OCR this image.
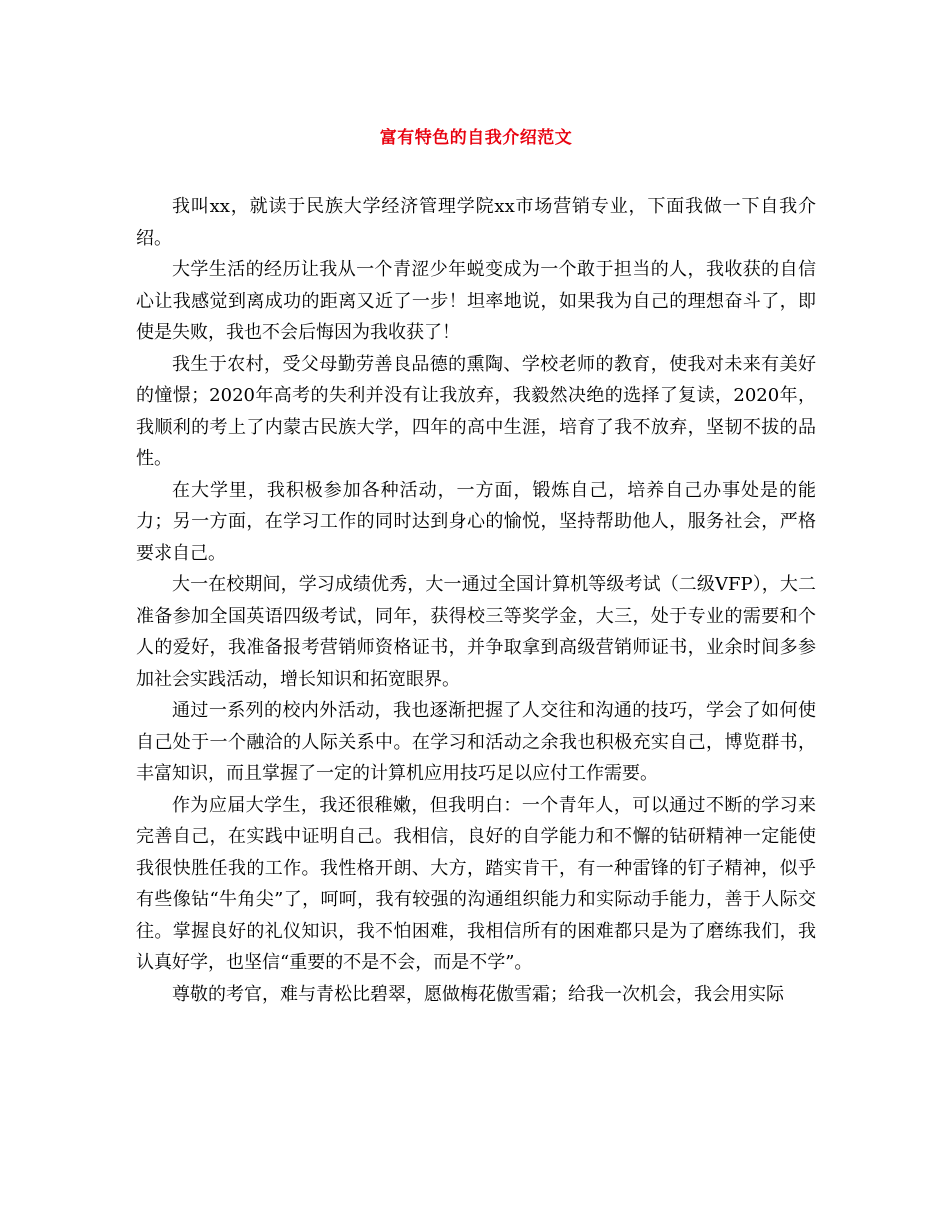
富有特色的自我介绍范文

我叫xx，就读于民族大学经济管理学院xx市场营销专业，下面我做一下自我介绍。

大学生活的经历让我从一个青涩少年蜕变成为一个敢于担当的人，我收获的自信心让我感觉到离成功的距离又近了一步！坦率地说，如果我为自己的理想奋斗了，即使是失败，我也不会后悔因为我收获了！

我生于农村，受父母勤劳善良品德的熏陶、学校老师的教育，使我对未来有美好的憧憬；2020年高考的失利并没有让我放弃，我毅然决绝的选择了复读，2020年，我顺利的考上了内蒙古民族大学，四年的高中生涯，培育了我不放弃，坚韧不拔的品性。

在大学里，我积极参加各种活动，一方面，锻炼自己，培养自己办事处是的能力；另一方面，在学习工作的同时达到身心的愉悦，坚持帮助他人，服务社会，严格要求自己。

大一在校期间，学习成绩优秀，大一通过全国计算机等级考试（二级VFP），大二准备参加全国英语四级考试，同年，获得校三等奖学金，大三，处于专业的需要和个人的爱好，我准备报考营销师资格证书，并争取拿到高级营销师证书，业余时间多参加社会实践活动，增长知识和拓宽眼界。

通过一系列的校内外活动，我也逐渐把握了人交往和沟通的技巧，学会了如何使自己处于一个融洽的人际关系中。在学习和活动之余我也积极充实自己，博览群书，丰富知识，而且掌握了一定的计算机应用技巧足以应付工作需要。

作为应届大学生，我还很稚嫩，但我明白：一个青年人，可以通过不断的学习来完善自己，在实践中证明自己。我相信，良好的自学能力和不懈的钻研精神一定能使我很快胜任我的工作。我性格开朗、大方，踏实肯干，有一种雷锋的钉子精神，似乎有些像钻“牛角尖”了，呵呵，我有较强的沟通组织能力和实际动手能力，善于人际交往。掌握良好的礼仪知识，我不怕困难，我相信所有的困难都只是为了磨练我们，我认真好学，也坚信“重要的不是不会，而是不学”。

尊敬的考官，难与青松比碧翠，愿做梅花傲雪霜；给我一次机会，我会用实际
